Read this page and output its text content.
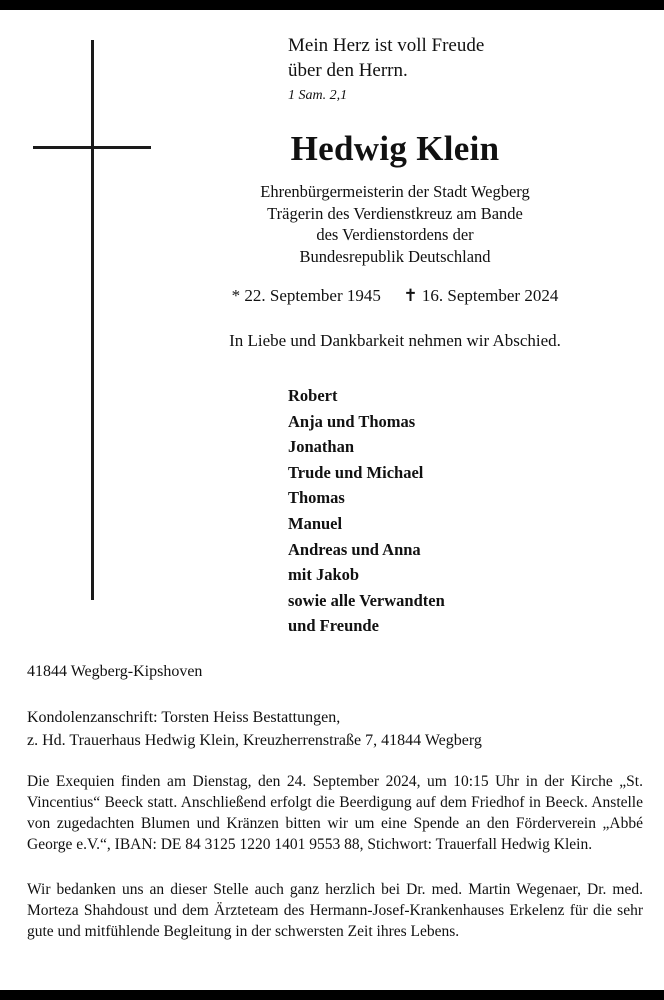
Mein Herz ist voll Freude
über den Herrn.
1 Sam. 2,1
Hedwig Klein
Ehrenbürgermeisterin der Stadt Wegberg
Trägerin des Verdienstkreuz am Bande
des Verdienstordens der
Bundesrepublik Deutschland
* 22. September 1945 ✝ 16. September 2024
In Liebe und Dankbarkeit nehmen wir Abschied.
Robert
Anja und Thomas
Jonathan
Trude und Michael
Thomas
Manuel
Andreas und Anna
mit Jakob
sowie alle Verwandten
und Freunde
41844 Wegberg-Kipshoven
Kondolenzanschrift: Torsten Heiss Bestattungen,
z. Hd. Trauerhaus Hedwig Klein, Kreuzherrenstraße 7, 41844 Wegberg
Die Exequien finden am Dienstag, den 24. September 2024, um 10:15 Uhr in der Kirche „St. Vincentius“ Beeck statt. Anschließend erfolgt die Beerdigung auf dem Friedhof in Beeck. Anstelle von zugedachten Blumen und Kränzen bitten wir um eine Spende an den Förderverein „Abbé George e.V.“, IBAN: DE 84 3125 1220 1401 9553 88, Stichwort: Trauerfall Hedwig Klein.
Wir bedanken uns an dieser Stelle auch ganz herzlich bei Dr. med. Martin Wegenaer, Dr. med. Morteza Shahdoust und dem Ärzteteam des Hermann-Josef-Krankenhauses Erkelenz für die sehr gute und mitfühlende Begleitung in der schwersten Zeit ihres Lebens.
